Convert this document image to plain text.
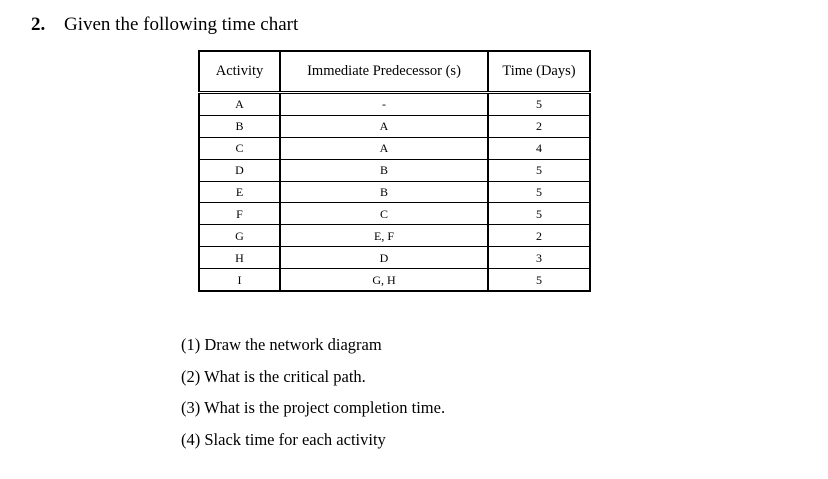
2. Given the following time chart
Activity	Immediate Predecessor (s)	Time (Days)
A	-	5
B	A	2
C	A	4
D	B	5
E	B	5
F	C	5
G	E, F	2
H	D	3
I	G, H	5
(1) Draw the network diagram
(2) What is the critical path.
(3) What is the project completion time.
(4) Slack time for each activity
